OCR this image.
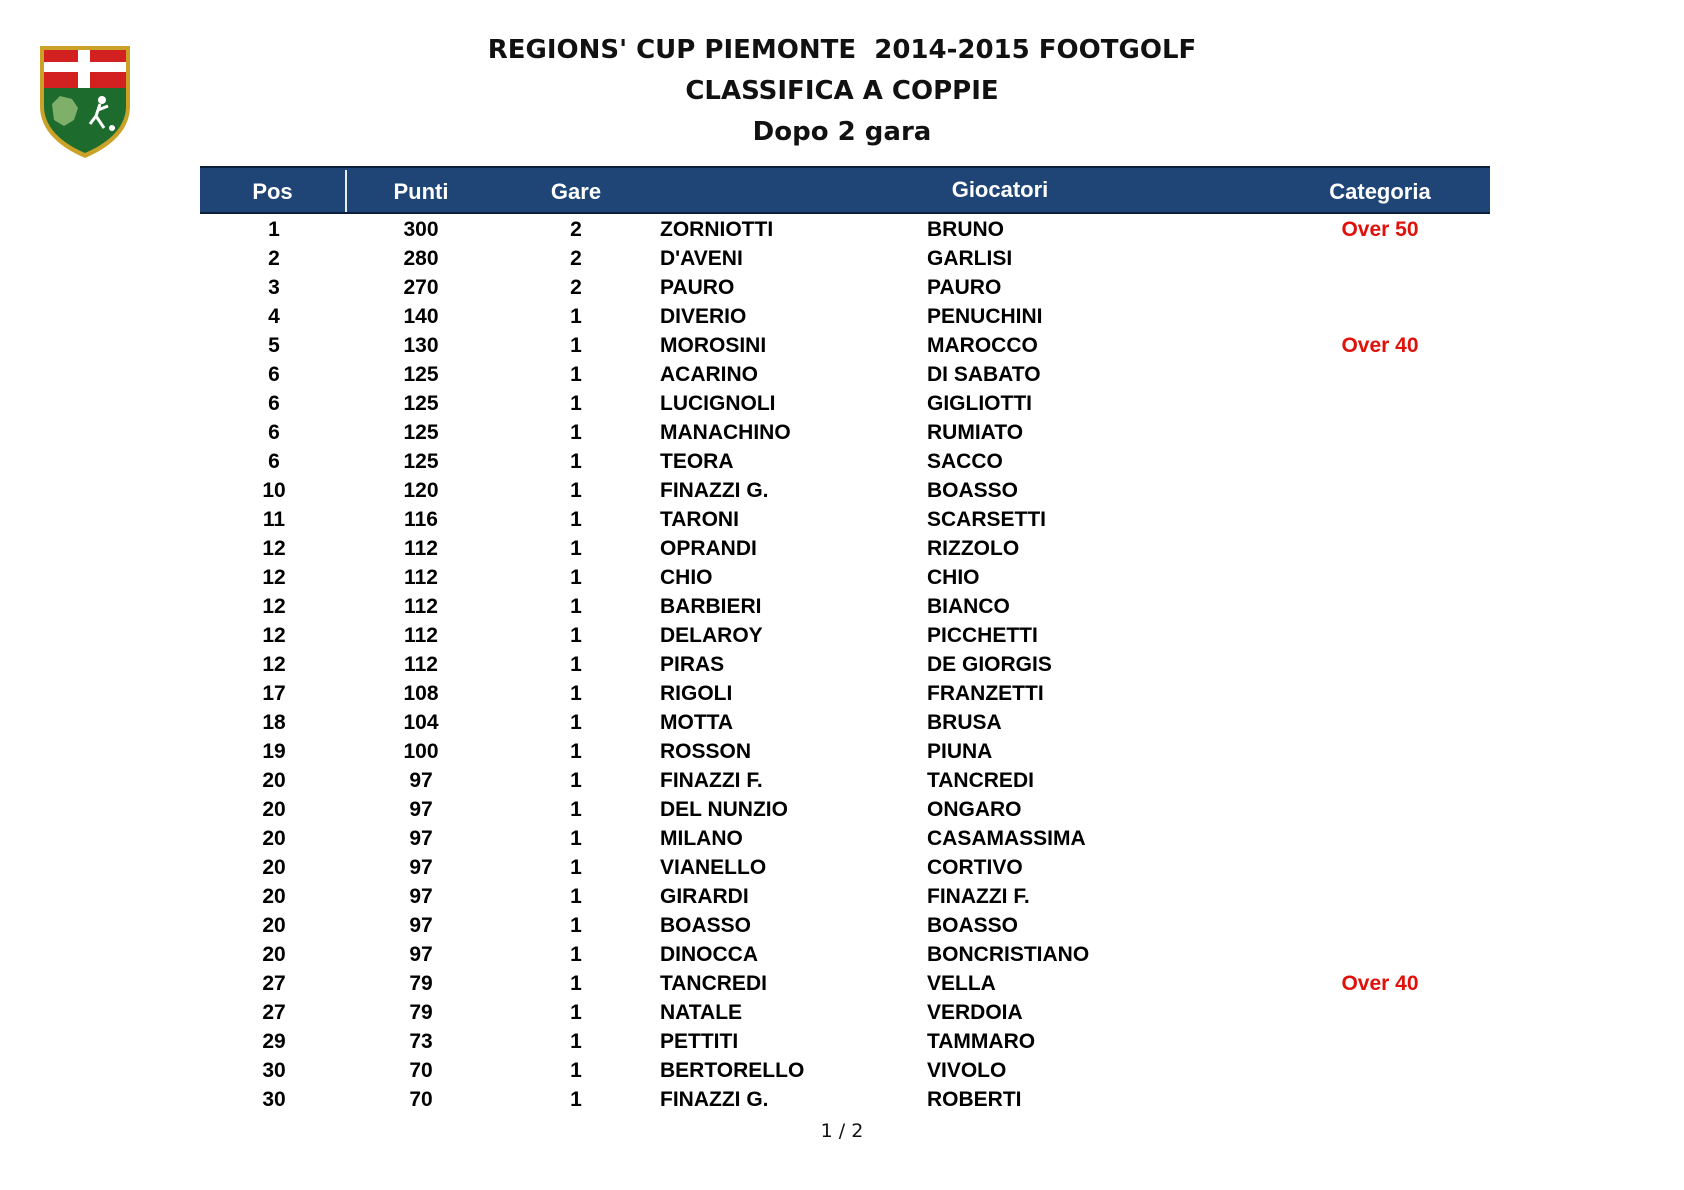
REGIONS' CUP PIEMONTE  2014-2015 FOOTGOLF
CLASSIFICA A COPPIE
Dopo 2 gara
Pos	Punti	Gare	Giocatori	Categoria
1	300	2	ZORNIOTTI	BRUNO	Over 50
2	280	2	D'AVENI	GARLISI
3	270	2	PAURO	PAURO
4	140	1	DIVERIO	PENUCHINI
5	130	1	MOROSINI	MAROCCO	Over 40
6	125	1	ACARINO	DI SABATO
6	125	1	LUCIGNOLI	GIGLIOTTI
6	125	1	MANACHINO	RUMIATO
6	125	1	TEORA	SACCO
10	120	1	FINAZZI G.	BOASSO
11	116	1	TARONI	SCARSETTI
12	112	1	OPRANDI	RIZZOLO
12	112	1	CHIO	CHIO
12	112	1	BARBIERI	BIANCO
12	112	1	DELAROY	PICCHETTI
12	112	1	PIRAS	DE GIORGIS
17	108	1	RIGOLI	FRANZETTI
18	104	1	MOTTA	BRUSA
19	100	1	ROSSON	PIUNA
20	97	1	FINAZZI F.	TANCREDI
20	97	1	DEL NUNZIO	ONGARO
20	97	1	MILANO	CASAMASSIMA
20	97	1	VIANELLO	CORTIVO
20	97	1	GIRARDI	FINAZZI F.
20	97	1	BOASSO	BOASSO
20	97	1	DINOCCA	BONCRISTIANO
27	79	1	TANCREDI	VELLA	Over 40
27	79	1	NATALE	VERDOIA
29	73	1	PETTITI	TAMMARO
30	70	1	BERTORELLO	VIVOLO
30	70	1	FINAZZI G.	ROBERTI
1 / 2
